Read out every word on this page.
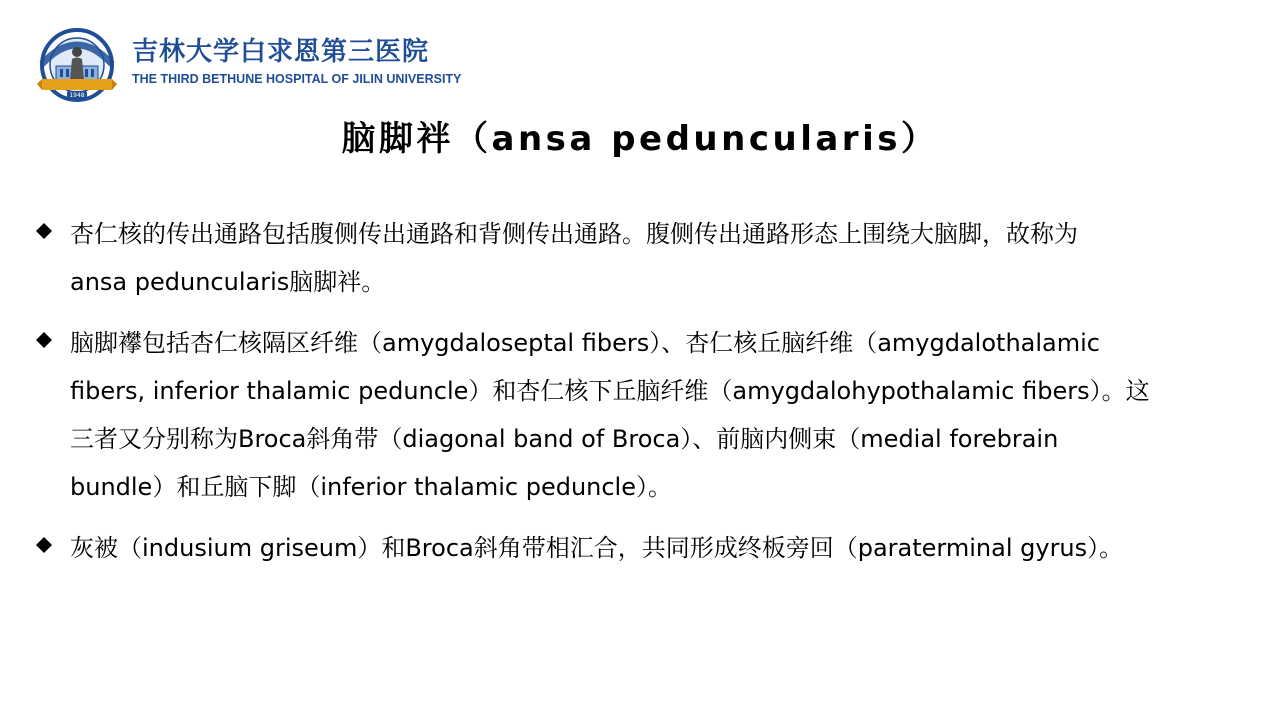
1948
吉林大学白求恩第三医院
THE THIRD BETHUNE HOSPITAL OF JILIN UNIVERSITY
脑脚袢（ansa peduncularis）
杏仁核的传出通路包括腹侧传出通路和背侧传出通路。腹侧传出通路形态上围绕大脑脚，故称为
ansa peduncularis脑脚袢。
脑脚襻包括杏仁核隔区纤维（amygdaloseptal fibers）、杏仁核丘脑纤维（amygdalothalamic
fibers, inferior thalamic peduncle）和杏仁核下丘脑纤维（amygdalohypothalamic fibers）。这
三者又分别称为Broca斜角带（diagonal band of Broca）、前脑内侧束（medial forebrain
bundle）和丘脑下脚（inferior thalamic peduncle）。
灰被（indusium griseum）和Broca斜角带相汇合，共同形成终板旁回（paraterminal gyrus）。
